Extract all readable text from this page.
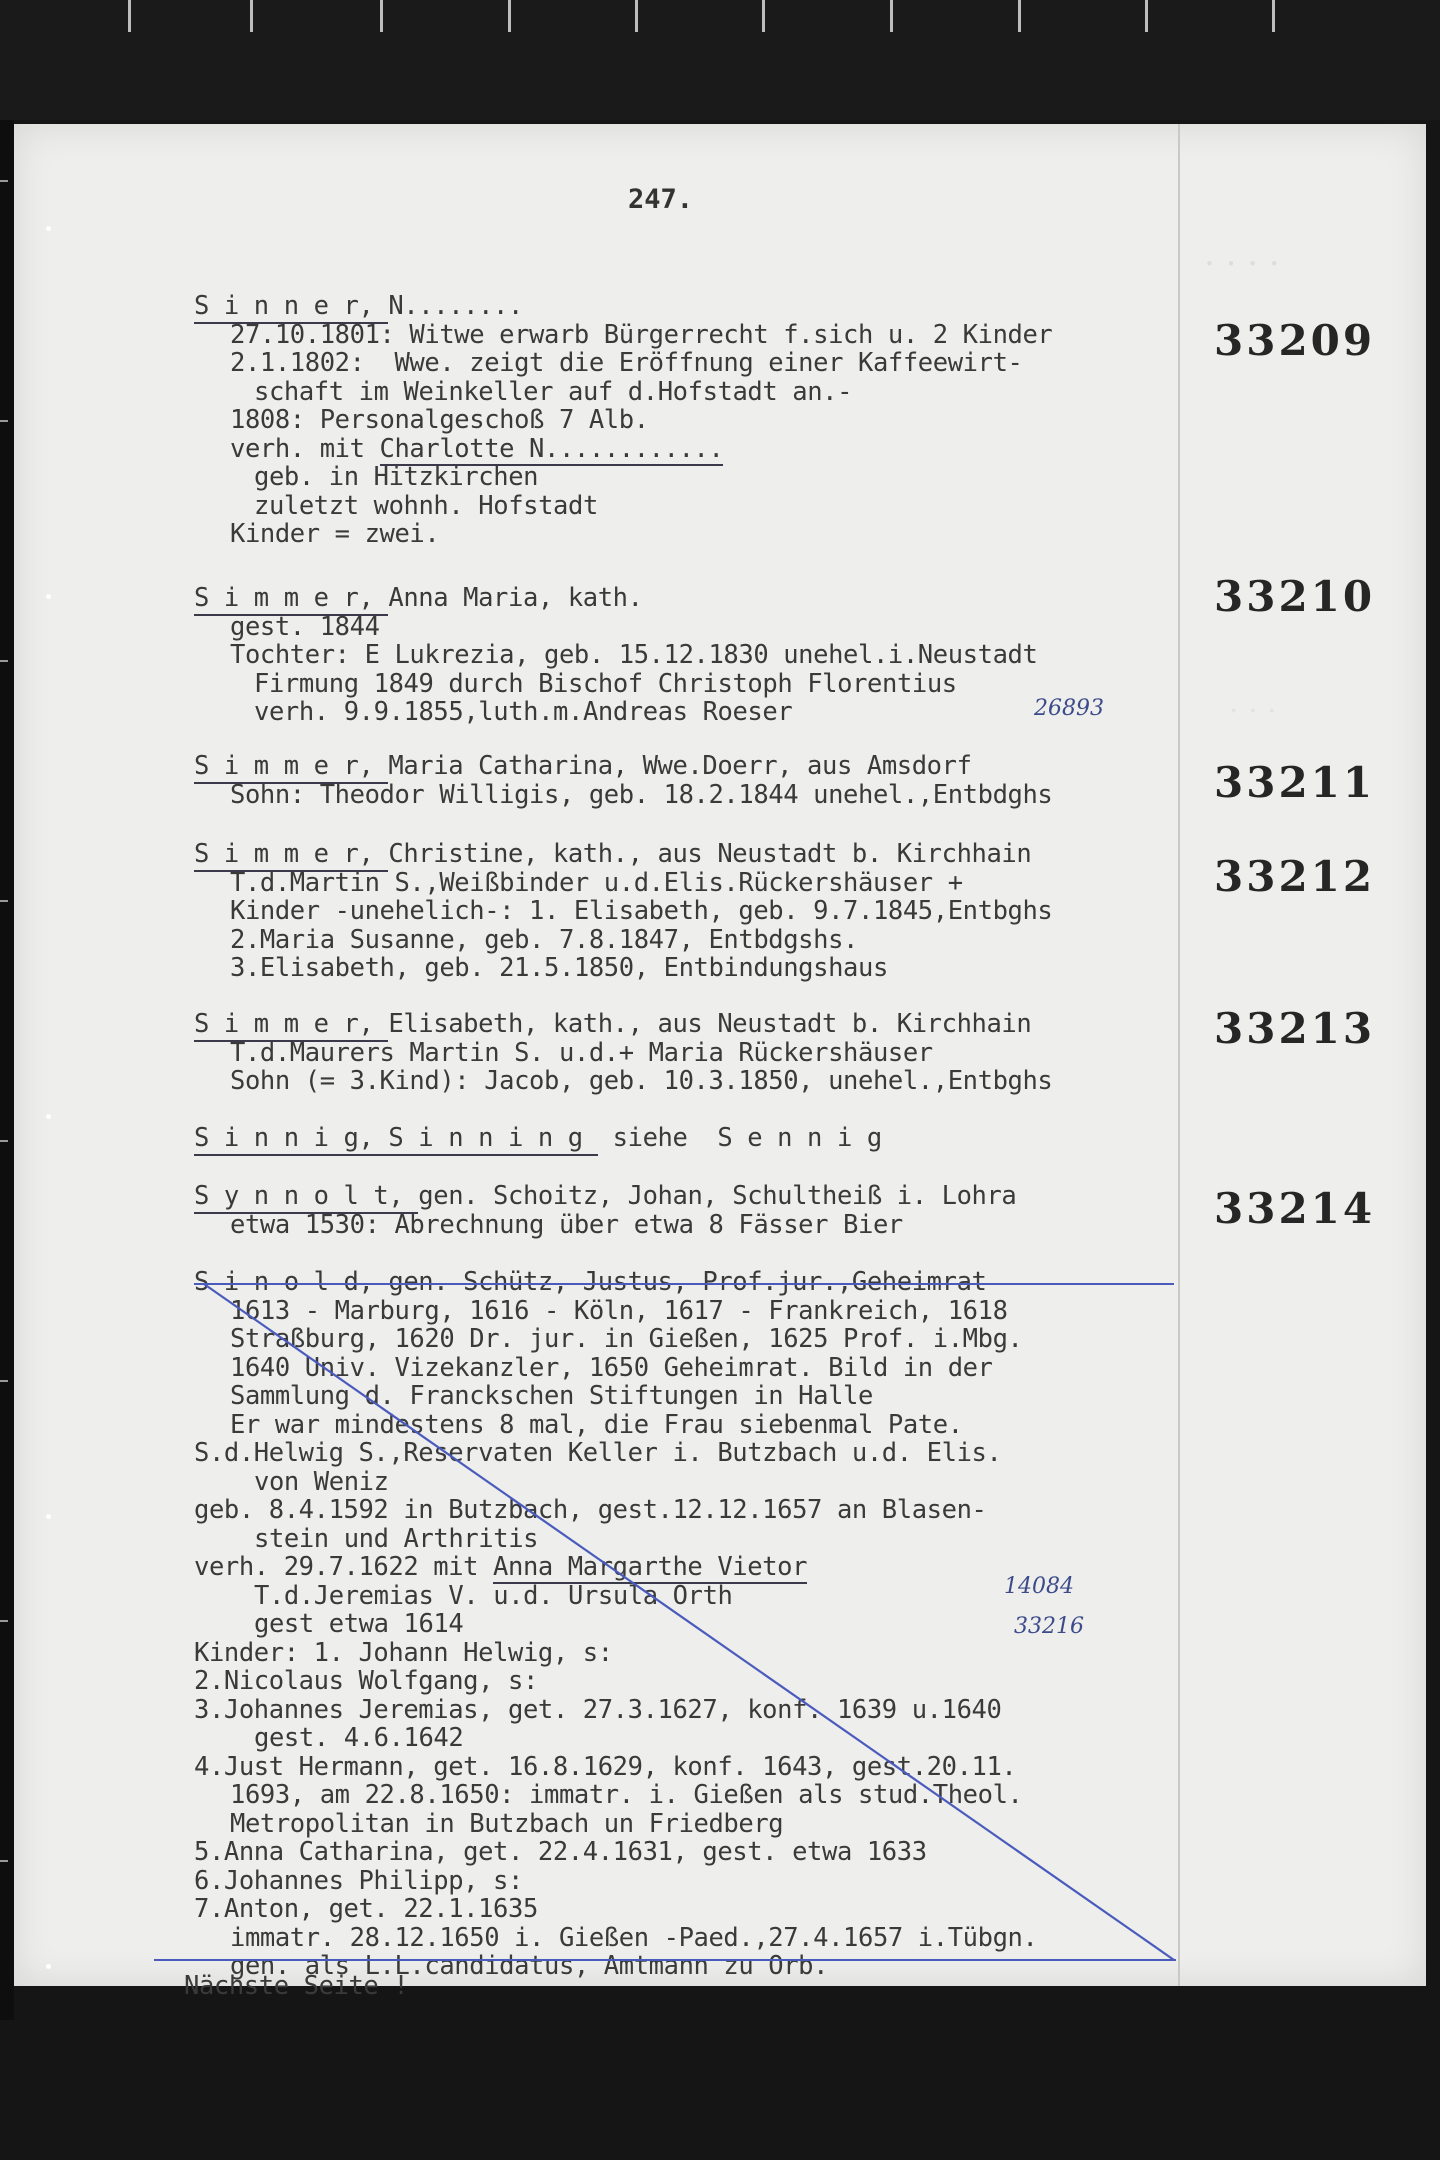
247.
· · · ·
· · ·
S i n n e r, N........
27.10.1801: Witwe erwarb Bürgerrecht f.sich u. 2 Kinder
2.1.1802:  Wwe. zeigt die Eröffnung einer Kaffeewirt-
schaft im Weinkeller auf d.Hofstadt an.-
1808: Personalgeschoß 7 Alb.
verh. mit Charlotte N............
geb. in Hitzkirchen
zuletzt wohnh. Hofstadt
Kinder = zwei.
33209
S i m m e r, Anna Maria, kath.
gest. 1844
Tochter: E Lukrezia, geb. 15.12.1830 unehel.i.Neustadt
Firmung 1849 durch Bischof Christoph Florentius
verh. 9.9.1855,luth.m.Andreas Roeser	26893
33210
S i m m e r, Maria Catharina, Wwe.Doerr, aus Amsdorf
Sohn: Theodor Willigis, geb. 18.2.1844 unehel.,Entbdghs	33211
S i m m e r, Christine, kath., aus Neustadt b. Kirchhain
T.d.Martin S.,Weißbinder u.d.Elis.Rückershäuser +
Kinder -unehelich-: 1. Elisabeth, geb. 9.7.1845,Entbghs
2.Maria Susanne, geb. 7.8.1847, Entbdgshs.
3.Elisabeth, geb. 21.5.1850, Entbindungshaus
33212
S i m m e r, Elisabeth, kath., aus Neustadt b. Kirchhain
T.d.Maurers Martin S. u.d.+ Maria Rückershäuser
Sohn (= 3.Kind): Jacob, geb. 10.3.1850, unehel.,Entbghs
33213
S i n n i g, S i n n i n g  siehe  S e n n i g
S y n n o l t, gen. Schoitz, Johan, Schultheiß i. Lohra
etwa 1530: Abrechnung über etwa 8 Fässer Bier	33214
S i n o l d, gen. Schütz, Justus, Prof.jur.,Geheimrat
1613 - Marburg, 1616 - Köln, 1617 - Frankreich, 1618
Straßburg, 1620 Dr. jur. in Gießen, 1625 Prof. i.Mbg.
1640 Univ. Vizekanzler, 1650 Geheimrat. Bild in der
Sammlung d. Franckschen Stiftungen in Halle
Er war mindestens 8 mal, die Frau siebenmal Pate.
S.d.Helwig S.,Reservaten Keller i. Butzbach u.d. Elis.
von Weniz
geb. 8.4.1592 in Butzbach, gest.12.12.1657 an Blasen-
stein und Arthritis
verh. 29.7.1622 mit Anna Margarthe Vietor
T.d.Jeremias V. u.d. Ursula Orth
gest etwa 1614
Kinder: 1. Johann Helwig, s:
2.Nicolaus Wolfgang, s:
3.Johannes Jeremias, get. 27.3.1627, konf. 1639 u.1640
gest. 4.6.1642
4.Just Hermann, get. 16.8.1629, konf. 1643, gest.20.11.
1693, am 22.8.1650: immatr. i. Gießen als stud.Theol.
Metropolitan in Butzbach un Friedberg
5.Anna Catharina, get. 22.4.1631, gest. etwa 1633
6.Johannes Philipp, s:
7.Anton, get. 22.1.1635
immatr. 28.12.1650 i. Gießen -Paed.,27.4.1657 i.Tübgn.
gen. als L.L.candidatus, Amtmann zu Orb.
14084
33216
Nächste Seite !
